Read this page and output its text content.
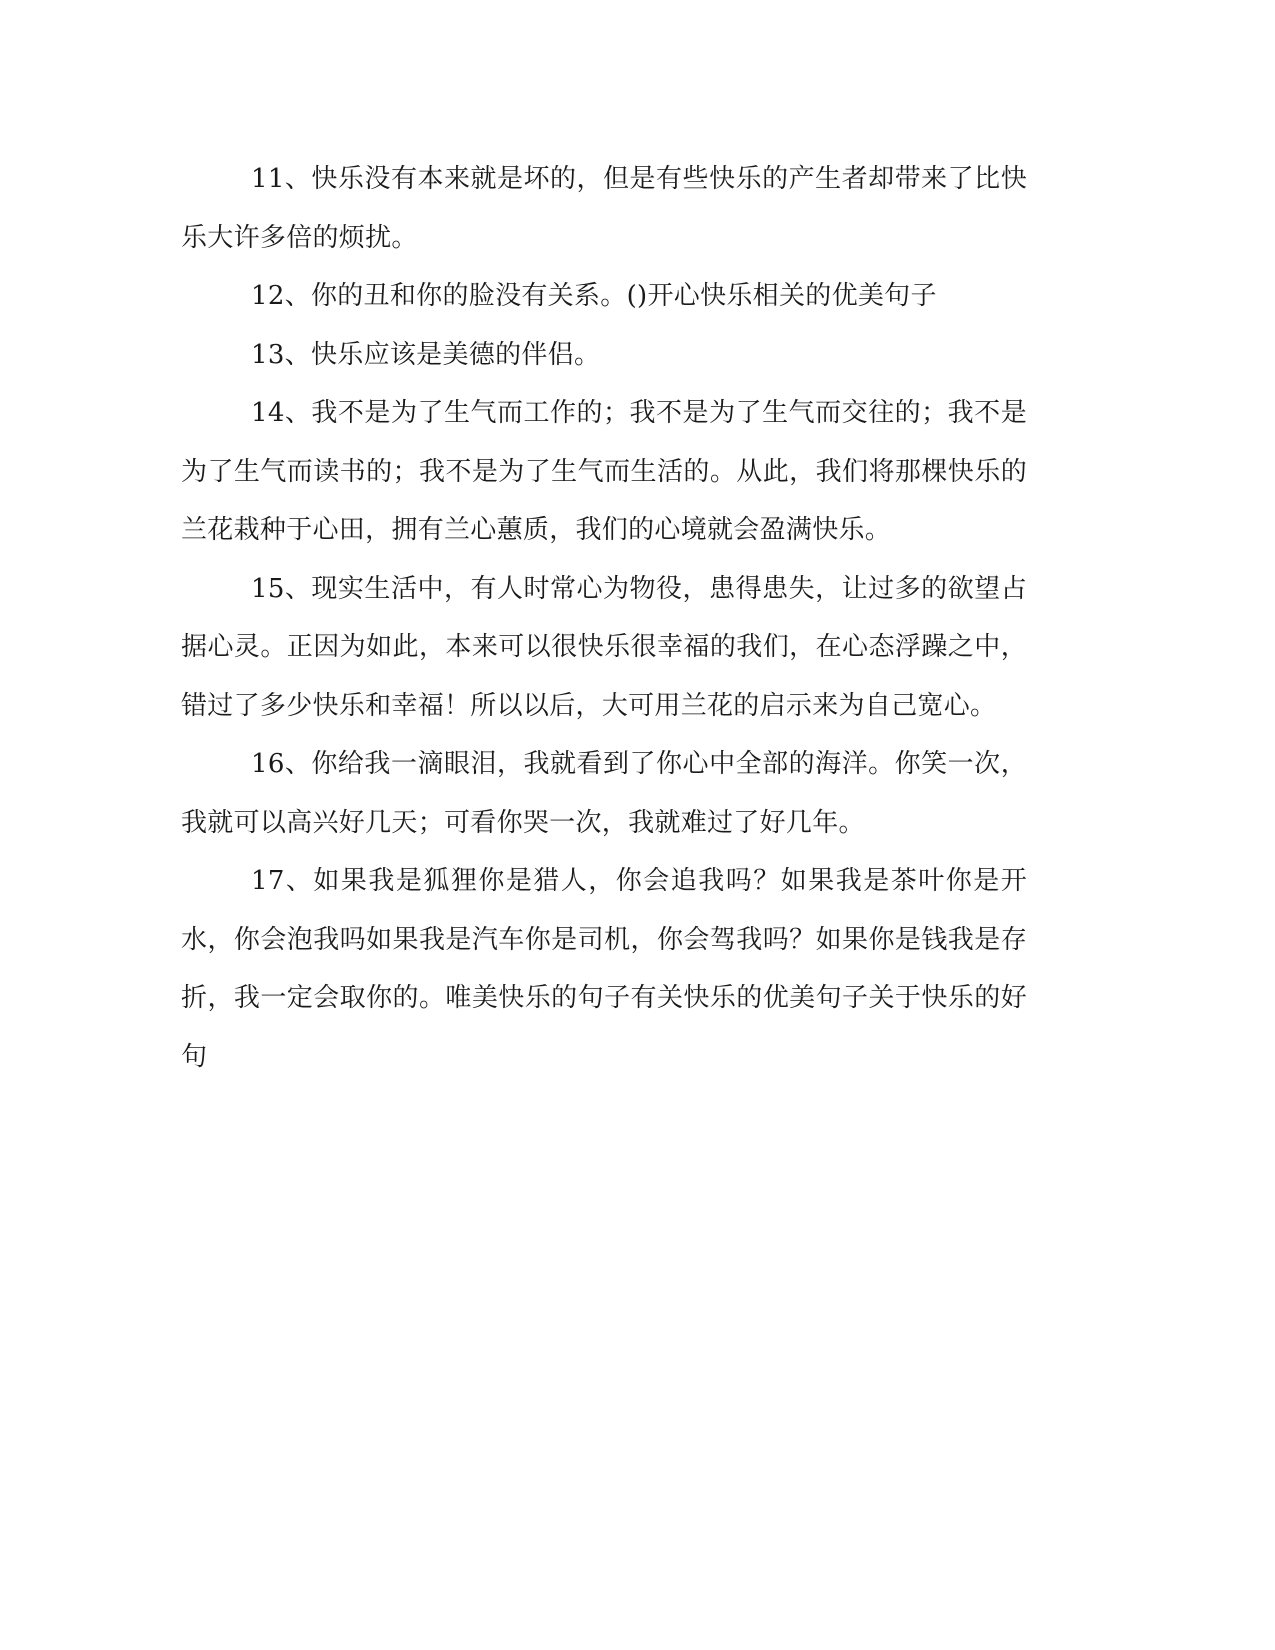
11、快乐没有本来就是坏的，但是有些快乐的产生者却带来了比快乐大许多倍的烦扰。

12、你的丑和你的脸没有关系。()开心快乐相关的优美句子

13、快乐应该是美德的伴侣。

14、我不是为了生气而工作的；我不是为了生气而交往的；我不是为了生气而读书的；我不是为了生气而生活的。从此，我们将那棵快乐的兰花栽种于心田，拥有兰心蕙质，我们的心境就会盈满快乐。

15、现实生活中，有人时常心为物役，患得患失，让过多的欲望占据心灵。正因为如此，本来可以很快乐很幸福的我们，在心态浮躁之中，错过了多少快乐和幸福！所以以后，大可用兰花的启示来为自己宽心。

16、你给我一滴眼泪，我就看到了你心中全部的海洋。你笑一次，我就可以高兴好几天；可看你哭一次，我就难过了好几年。

17、如果我是狐狸你是猎人，你会追我吗？如果我是茶叶你是开水，你会泡我吗如果我是汽车你是司机，你会驾我吗？如果你是钱我是存折，我一定会取你的。唯美快乐的句子有关快乐的优美句子关于快乐的好句
